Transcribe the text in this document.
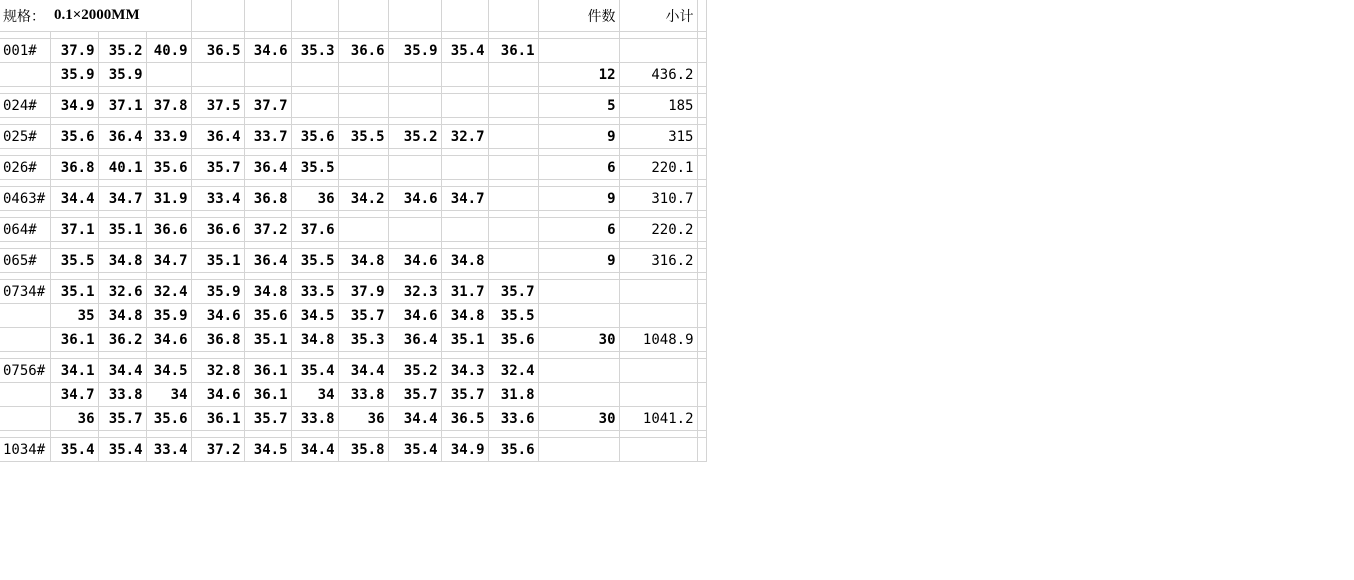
规格： 0.1×2000MM											件数	小计	

001#	37.9	35.2	40.9	36.5	34.6	35.3	36.6	35.9	35.4	36.1			
	35.9	35.9									12	436.2	

024#	34.9	37.1	37.8	37.5	37.7						5	185	

025#	35.6	36.4	33.9	36.4	33.7	35.6	35.5	35.2	32.7		9	315	

026#	36.8	40.1	35.6	35.7	36.4	35.5					6	220.1	

0463#	34.4	34.7	31.9	33.4	36.8	36	34.2	34.6	34.7		9	310.7	

064#	37.1	35.1	36.6	36.6	37.2	37.6					6	220.2	

065#	35.5	34.8	34.7	35.1	36.4	35.5	34.8	34.6	34.8		9	316.2	

0734#	35.1	32.6	32.4	35.9	34.8	33.5	37.9	32.3	31.7	35.7			
	35	34.8	35.9	34.6	35.6	34.5	35.7	34.6	34.8	35.5			
	36.1	36.2	34.6	36.8	35.1	34.8	35.3	36.4	35.1	35.6	30	1048.9	

0756#	34.1	34.4	34.5	32.8	36.1	35.4	34.4	35.2	34.3	32.4			
	34.7	33.8	34	34.6	36.1	34	33.8	35.7	35.7	31.8			
	36	35.7	35.6	36.1	35.7	33.8	36	34.4	36.5	33.6	30	1041.2	

1034#	35.4	35.4	33.4	37.2	34.5	34.4	35.8	35.4	34.9	35.6			
